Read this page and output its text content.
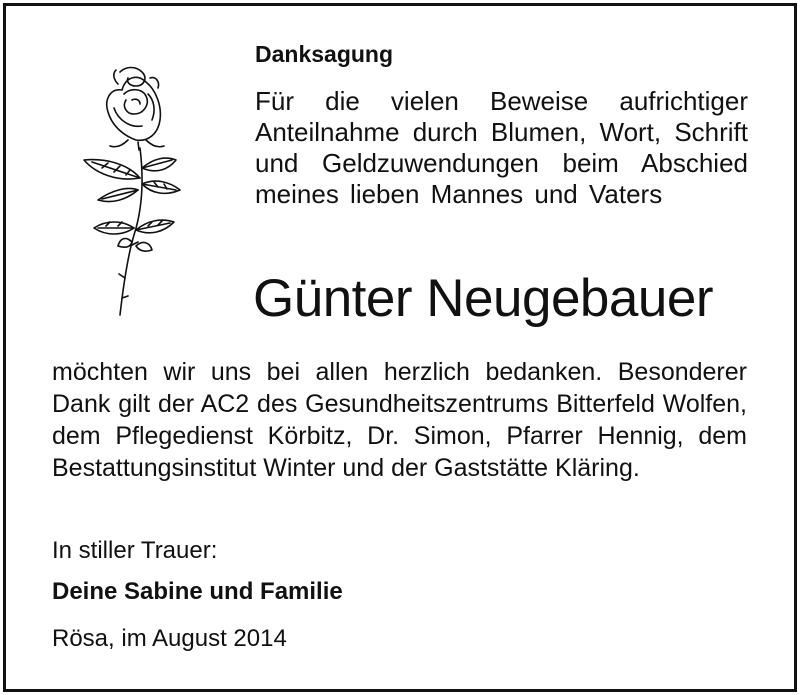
Danksagung

Für die vielen Beweise aufrichtiger Anteilnahme durch Blumen, Wort, Schrift und Geldzuwendungen beim Abschied meines lieben Mannes und Vaters

Günter Neugebauer

möchten wir uns bei allen herzlich bedanken. Besonderer Dank gilt der AC2 des Gesundheitszentrums Bitterfeld Wolfen, dem Pflegedienst Körbitz, Dr. Simon, Pfarrer Hennig, dem Bestattungsinstitut Winter und der Gaststätte Kläring.

In stiller Trauer:

Deine Sabine und Familie

Rösa, im August 2014
